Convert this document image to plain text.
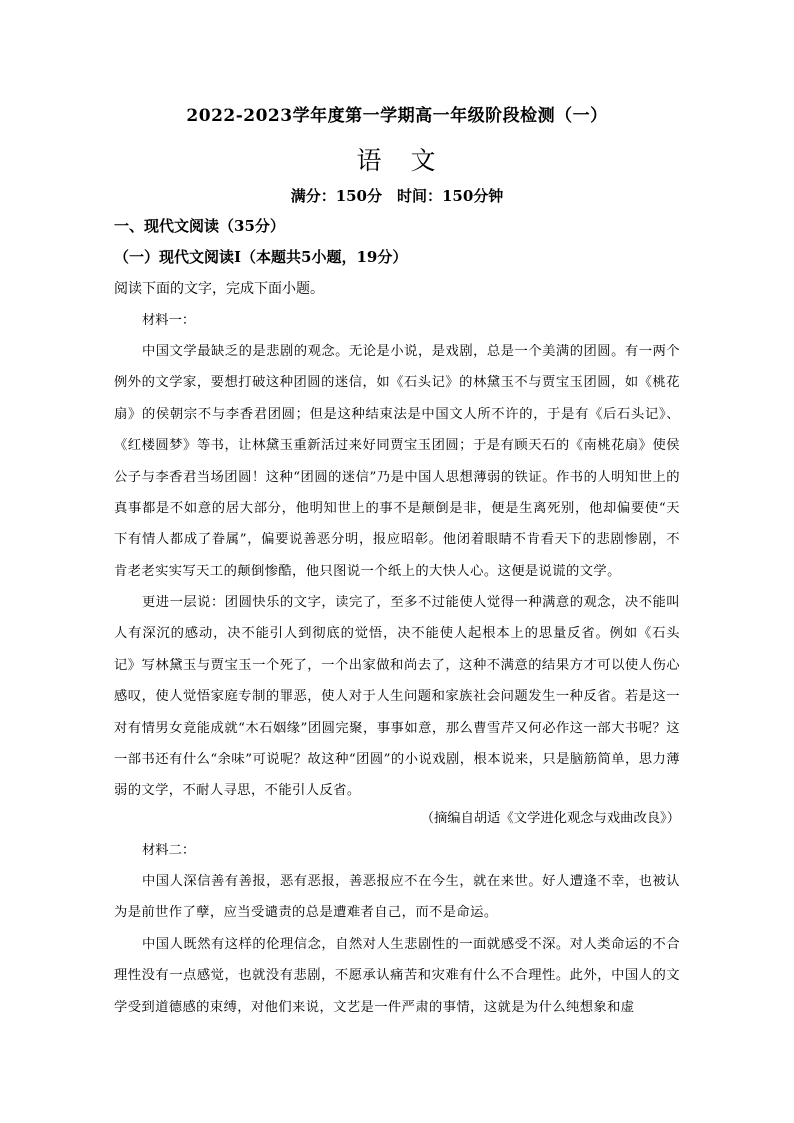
2022-2023学年度第一学期高一年级阶段检测（一）
语　文
满分：150分　时间：150分钟
一、现代文阅读（35分）
（一）现代文阅读Ⅰ（本题共5小题，19分）
阅读下面的文字，完成下面小题。
材料一：

中国文学最缺乏的是悲剧的观念。无论是小说，是戏剧，总是一个美满的团圆。有一两个例外的文学家，要想打破这种团圆的迷信，如《石头记》的林黛玉不与贾宝玉团圆，如《桃花扇》的侯朝宗不与李香君团圆；但是这种结束法是中国文人所不许的，于是有《后石头记》、《红楼圆梦》等书，让林黛玉重新活过来好同贾宝玉团圆；于是有顾天石的《南桃花扇》使侯公子与李香君当场团圆！这种“团圆的迷信”乃是中国人思想薄弱的铁证。作书的人明知世上的真事都是不如意的居大部分，他明知世上的事不是颠倒是非，便是生离死别，他却偏要使“天下有情人都成了眷属”，偏要说善恶分明，报应昭彰。他闭着眼睛不肯看天下的悲剧惨剧，不肯老老实实写天工的颠倒惨酷，他只图说一个纸上的大快人心。这便是说谎的文学。

更进一层说：团圆快乐的文字，读完了，至多不过能使人觉得一种满意的观念，决不能叫人有深沉的感动，决不能引人到彻底的觉悟，决不能使人起根本上的思量反省。例如《石头记》写林黛玉与贾宝玉一个死了，一个出家做和尚去了，这种不满意的结果方才可以使人伤心感叹，使人觉悟家庭专制的罪恶，使人对于人生问题和家族社会问题发生一种反省。若是这一对有情男女竟能成就“木石姻缘”团圆完聚，事事如意，那么曹雪芹又何必作这一部大书呢？这一部书还有什么“余味”可说呢？故这种“团圆”的小说戏剧，根本说来，只是脑筋简单，思力薄弱的文学，不耐人寻思，不能引人反省。

（摘编自胡适《文学进化观念与戏曲改良》）
材料二：

中国人深信善有善报，恶有恶报，善恶报应不在今生，就在来世。好人遭逢不幸，也被认为是前世作了孽，应当受谴责的总是遭难者自己，而不是命运。

中国人既然有这样的伦理信念，自然对人生悲剧性的一面就感受不深。对人类命运的不合理性没有一点感觉，也就没有悲剧，不愿承认痛苦和灾难有什么不合理性。此外，中国人的文学受到道德感的束缚，对他们来说，文艺是一件严肃的事情，这就是为什么纯想象和虚
